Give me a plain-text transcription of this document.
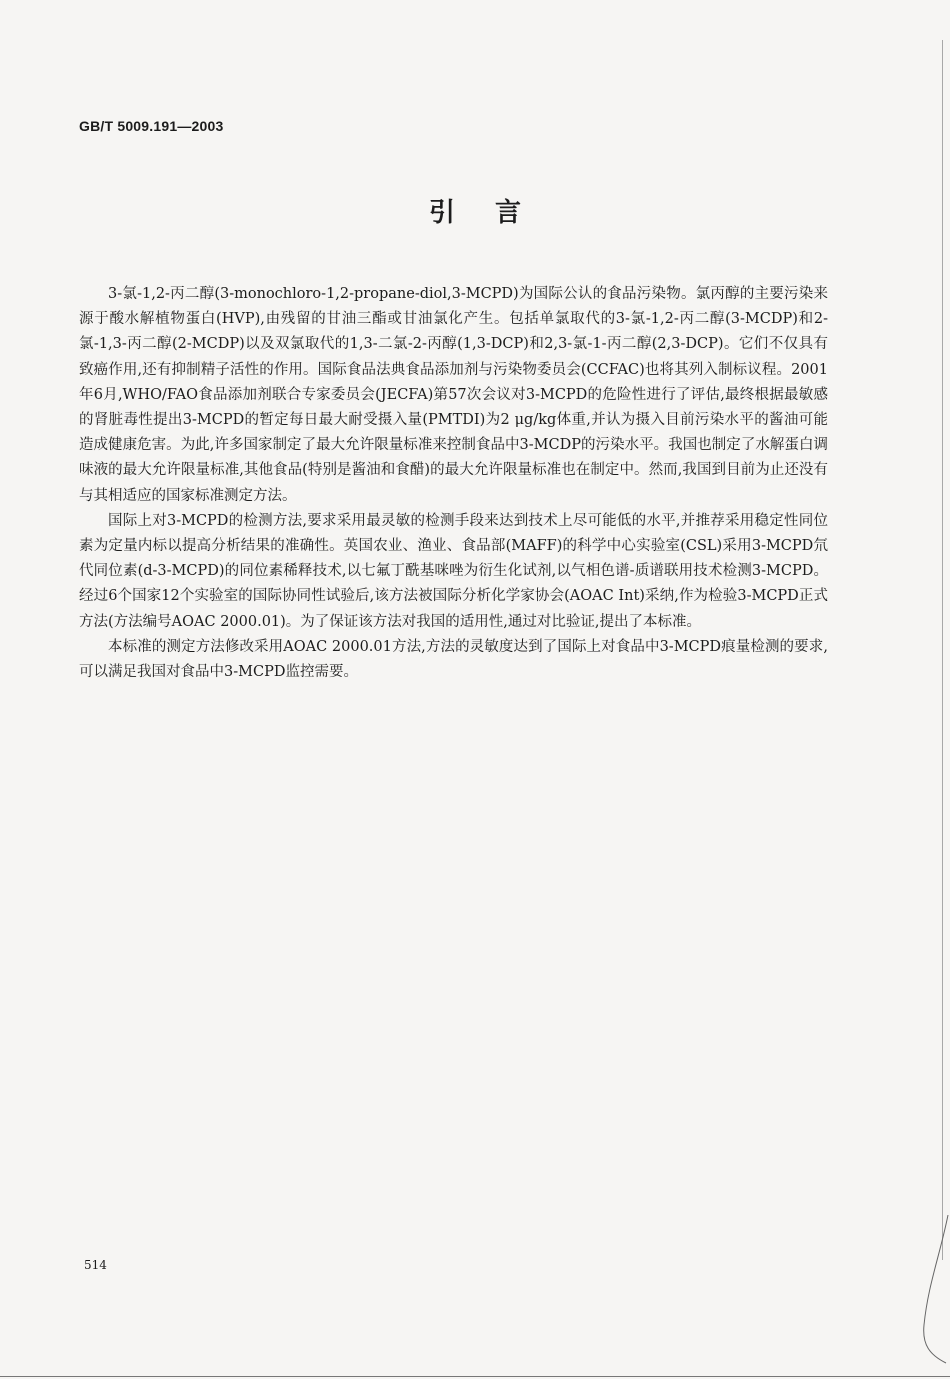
GB/T 5009.191—2003
引言

3-氯-1,2-丙二醇(3-monochloro-1,2-propane-diol,3-MCPD)为国际公认的食品污染物。氯丙醇的主要污染来源于酸水解植物蛋白(HVP),由残留的甘油三酯或甘油氯化产生。包括单氯取代的3-氯-1,2-丙二醇(3-MCDP)和2-氯-1,3-丙二醇(2-MCDP)以及双氯取代的1,3-二氯-2-丙醇(1,3-DCP)和2,3-氯-1-丙二醇(2,3-DCP)。它们不仅具有致癌作用,还有抑制精子活性的作用。国际食品法典食品添加剂与污染物委员会(CCFAC)也将其列入制标议程。2001年6月,WHO/FAO食品添加剂联合专家委员会(JECFA)第57次会议对3-MCPD的危险性进行了评估,最终根据最敏感的肾脏毒性提出3-MCPD的暂定每日最大耐受摄入量(PMTDI)为2 μg/kg体重,并认为摄入目前污染水平的酱油可能造成健康危害。为此,许多国家制定了最大允许限量标准来控制食品中3-MCDP的污染水平。我国也制定了水解蛋白调味液的最大允许限量标准,其他食品(特别是酱油和食醋)的最大允许限量标准也在制定中。然而,我国到目前为止还没有与其相适应的国家标准测定方法。

国际上对3-MCPD的检测方法,要求采用最灵敏的检测手段来达到技术上尽可能低的水平,并推荐采用稳定性同位素为定量内标以提高分析结果的准确性。英国农业、渔业、食品部(MAFF)的科学中心实验室(CSL)采用3-MCPD氘代同位素(d-3-MCPD)的同位素稀释技术,以七氟丁酰基咪唑为衍生化试剂,以气相色谱-质谱联用技术检测3-MCPD。经过6个国家12个实验室的国际协同性试验后,该方法被国际分析化学家协会(AOAC Int)采纳,作为检验3-MCPD正式方法(方法编号AOAC 2000.01)。为了保证该方法对我国的适用性,通过对比验证,提出了本标准。

本标准的测定方法修改采用AOAC 2000.01方法,方法的灵敏度达到了国际上对食品中3-MCPD痕量检测的要求,可以满足我国对食品中3-MCPD监控需要。

514
